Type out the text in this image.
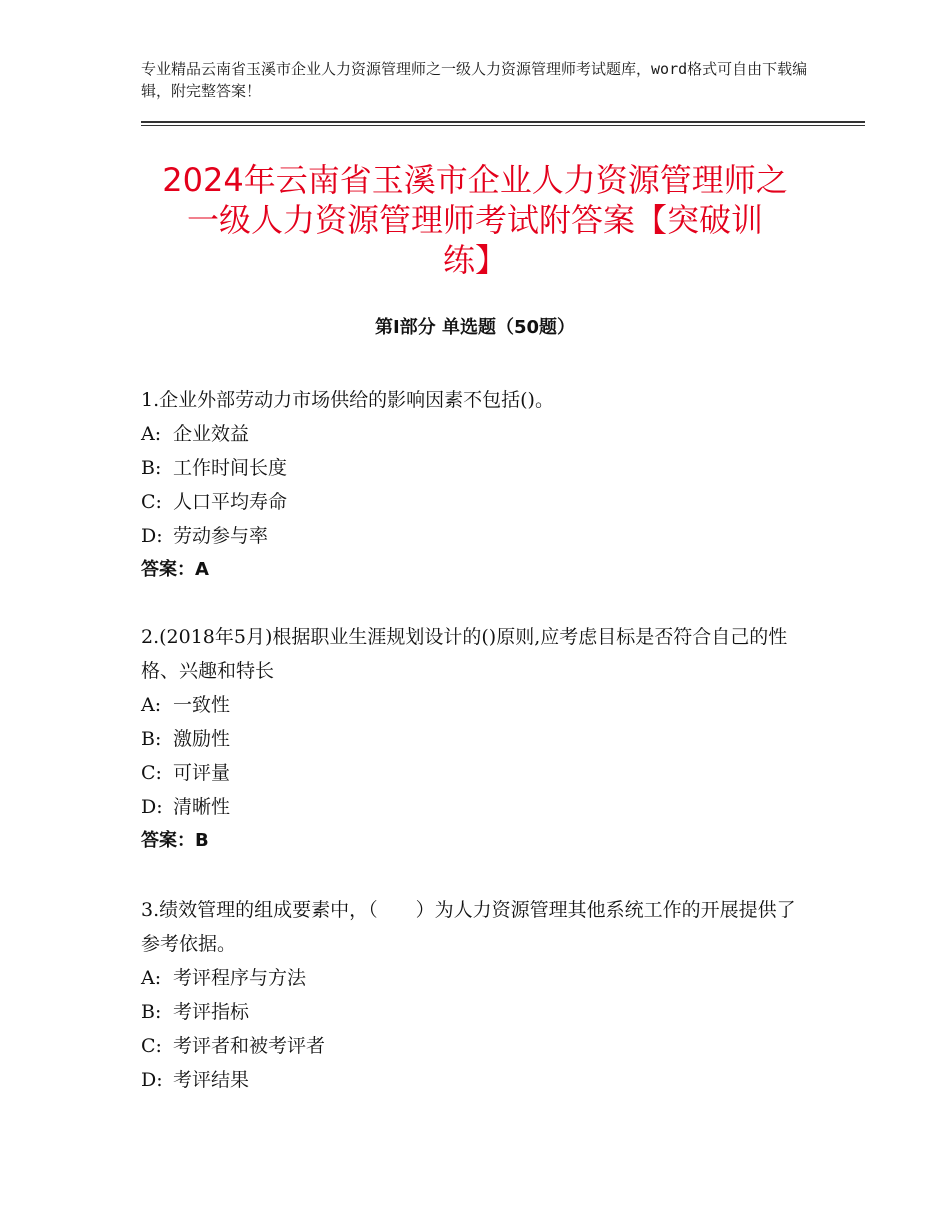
专业精品云南省玉溪市企业人力资源管理师之一级人力资源管理师考试题库，word格式可自由下载编辑，附完整答案！
2024年云南省玉溪市企业人力资源管理师之
一级人力资源管理师考试附答案【突破训
练】
第Ⅰ部分 单选题（50题）
1.企业外部劳动力市场供给的影响因素不包括()。
A: 企业效益
B: 工作时间长度
C: 人口平均寿命
D: 劳动参与率
答案：A
2.(2018年5月)根据职业生涯规划设计的()原则,应考虑目标是否符合自己的性格、兴趣和特长
A: 一致性
B: 激励性
C: 可评量
D: 清晰性
答案：B
3.绩效管理的组成要素中，（　　）为人力资源管理其他系统工作的开展提供了参考依据。
A: 考评程序与方法
B: 考评指标
C: 考评者和被考评者
D: 考评结果
